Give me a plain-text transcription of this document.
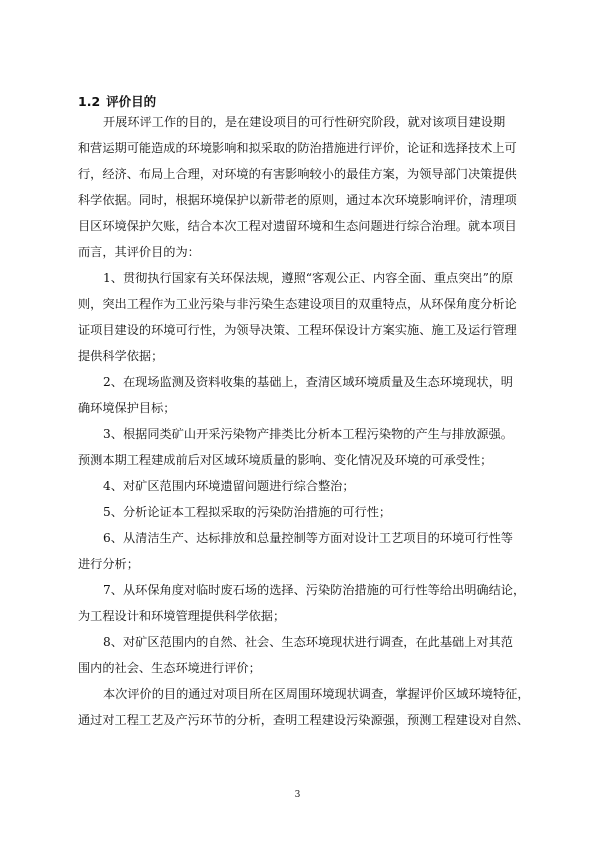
1.2 评价目的
开展环评工作的目的，是在建设项目的可行性研究阶段，就对该项目建设期
和营运期可能造成的环境影响和拟采取的防治措施进行评价，论证和选择技术上可
行，经济、布局上合理，对环境的有害影响较小的最佳方案，为领导部门决策提供
科学依据。同时，根据环境保护以新带老的原则，通过本次环境影响评价，清理项
目区环境保护欠账，结合本次工程对遗留环境和生态问题进行综合治理。就本项目
而言，其评价目的为：
1、贯彻执行国家有关环保法规，遵照“客观公正、内容全面、重点突出”的原
则，突出工程作为工业污染与非污染生态建设项目的双重特点，从环保角度分析论
证项目建设的环境可行性，为领导决策、工程环保设计方案实施、施工及运行管理
提供科学依据；
2、在现场监测及资料收集的基础上，查清区域环境质量及生态环境现状，明
确环境保护目标；
3、根据同类矿山开采污染物产排类比分析本工程污染物的产生与排放源强。
预测本期工程建成前后对区域环境质量的影响、变化情况及环境的可承受性；
4、对矿区范围内环境遗留问题进行综合整治；
5、分析论证本工程拟采取的污染防治措施的可行性；
6、从清洁生产、达标排放和总量控制等方面对设计工艺项目的环境可行性等
进行分析；
7、从环保角度对临时废石场的选择、污染防治措施的可行性等给出明确结论，
为工程设计和环境管理提供科学依据；
8、对矿区范围内的自然、社会、生态环境现状进行调查，在此基础上对其范
围内的社会、生态环境进行评价；
本次评价的目的通过对项目所在区周围环境现状调查，掌握评价区域环境特征，
通过对工程工艺及产污环节的分析，查明工程建设污染源强，预测工程建设对自然、
3
